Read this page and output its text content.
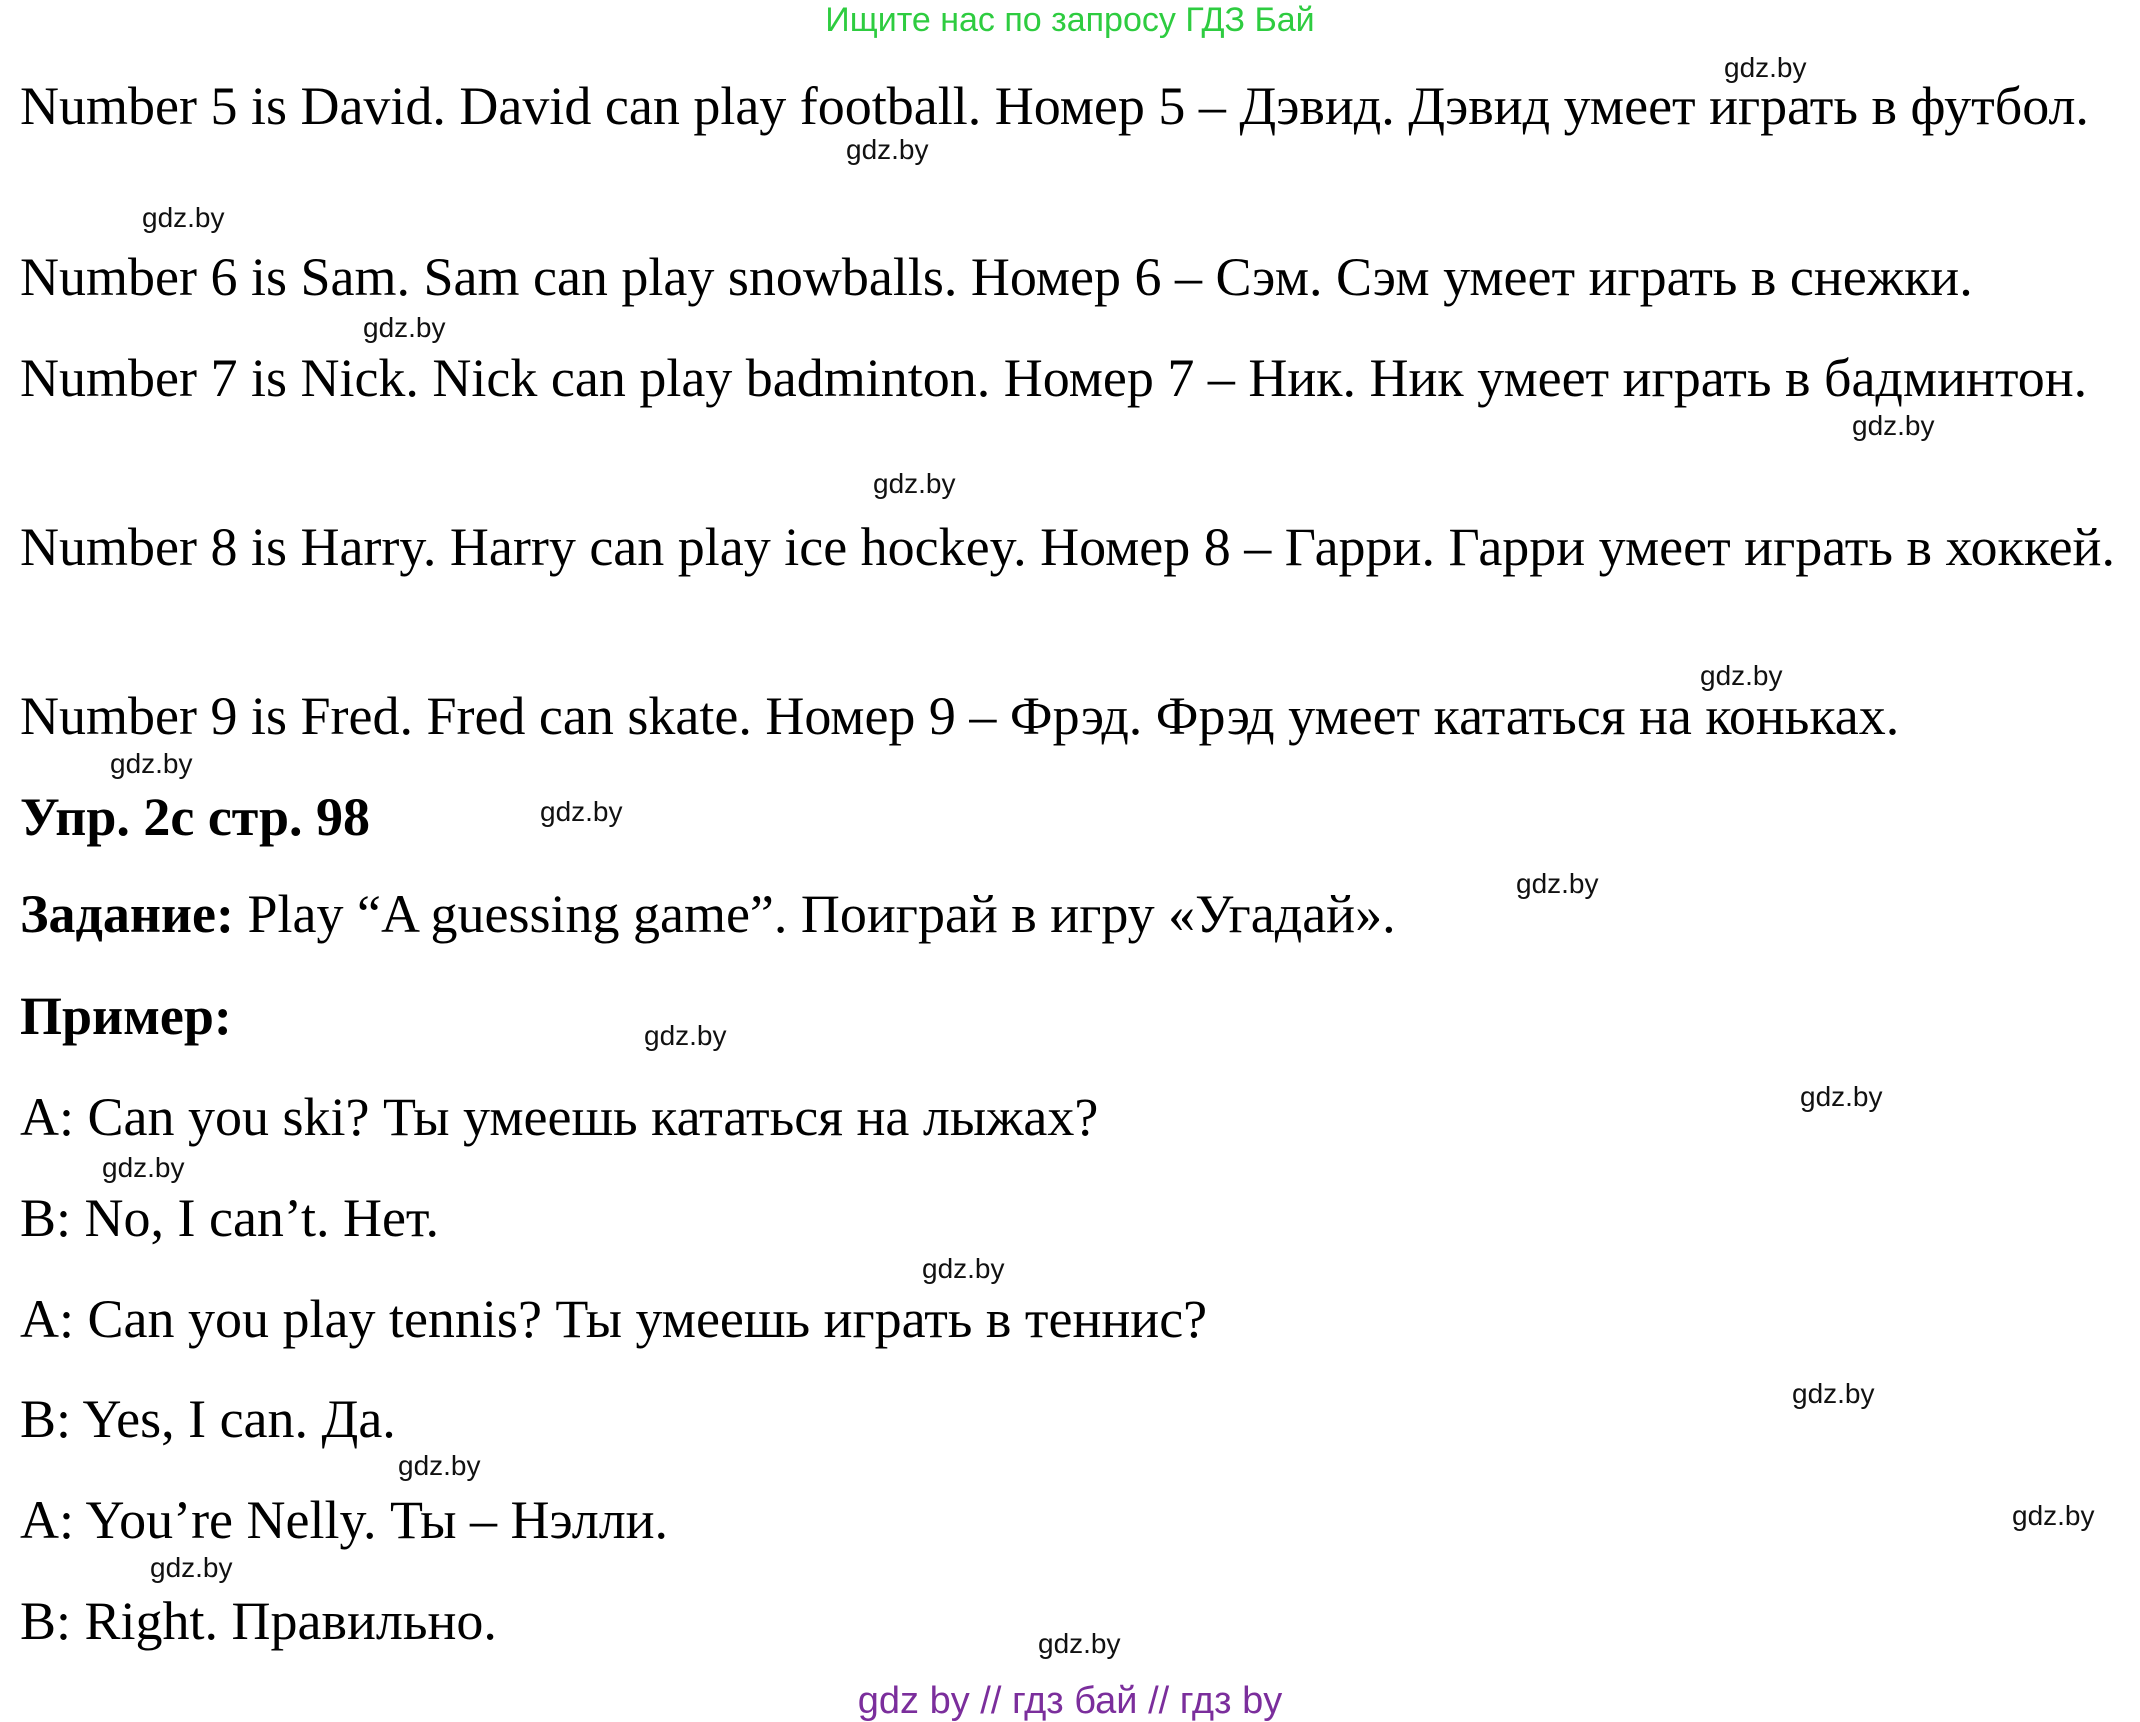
Ищите нас по запросу ГДЗ Бай

Number 5 is David. David can play football. Номер 5 – Дэвид. Дэвид умеет играть в футбол.

Number 6 is Sam. Sam can play snowballs. Номер 6 – Сэм. Сэм умеет играть в снежки.

Number 7 is Nick. Nick can play badminton. Номер 7 – Ник. Ник умеет играть в бадминтон.

Number 8 is Harry. Harry can play ice hockey. Номер 8 – Гарри. Гарри умеет играть в хоккей.

Number 9 is Fred. Fred can skate. Номер 9 – Фрэд. Фрэд умеет кататься на коньках.

Упр. 2с стр. 98

Задание: Play “A guessing game”. Поиграй в игру «Угадай».

Пример:

A: Can you ski? Ты умеешь кататься на лыжах?

B: No, I can’t. Нет.

A: Can you play tennis? Ты умеешь играть в теннис?

B: Yes, I can. Да.

A: You’re Nelly. Ты – Нэлли.

B: Right. Правильно.

gdz.by
gdz.by
gdz.by
gdz.by
gdz.by
gdz.by
gdz.by
gdz.by
gdz.by
gdz.by
gdz.by
gdz.by
gdz.by
gdz.by
gdz.by
gdz.by
gdz.by
gdz.by
gdz.by
gdz by // гдз бай // гдз by
